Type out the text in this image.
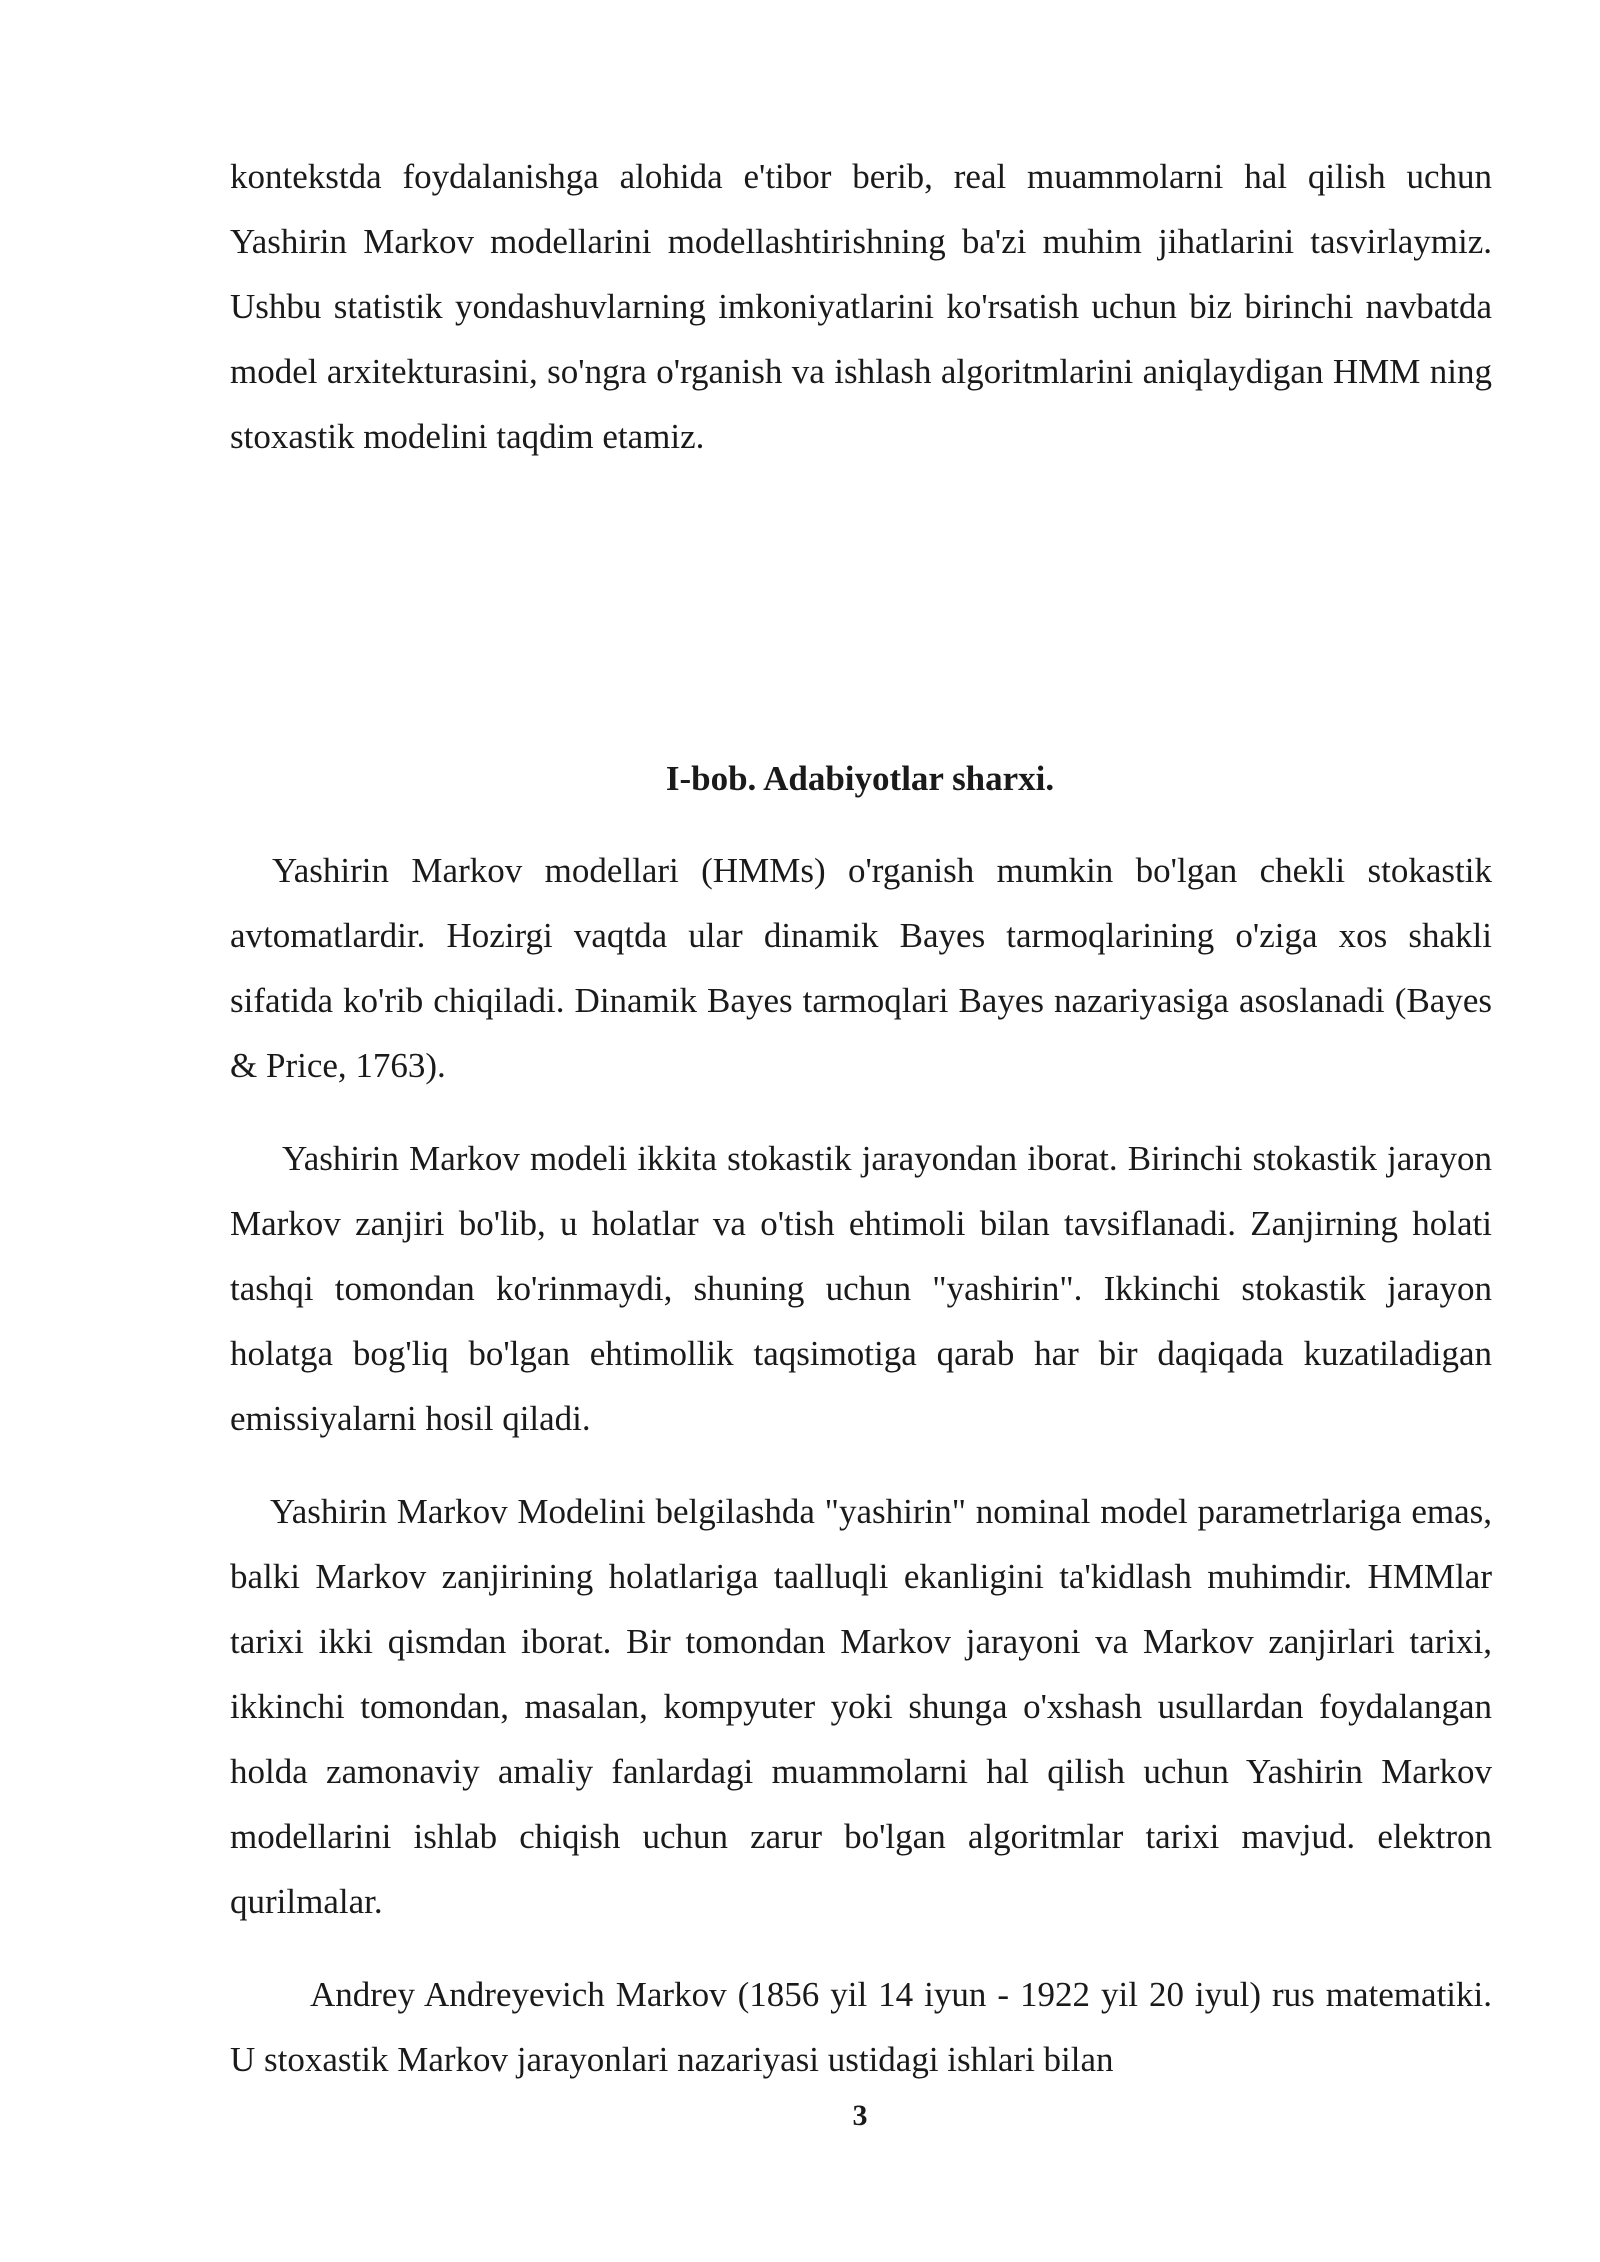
kontekstda foydalanishga alohida e'tibor berib, real muammolarni hal qilish uchun Yashirin Markov modellarini modellashtirishning ba'zi muhim jihatlarini tasvirlaymiz. Ushbu statistik yondashuvlarning imkoniyatlarini ko'rsatish uchun biz birinchi navbatda model arxitekturasini, so'ngra o'rganish va ishlash algoritmlarini aniqlaydigan HMM ning stoxastik modelini taqdim etamiz.

I-bob. Adabiyotlar sharxi.

Yashirin Markov modellari (HMMs) o'rganish mumkin bo'lgan chekli stokastik avtomatlardir. Hozirgi vaqtda ular dinamik Bayes tarmoqlarining o'ziga xos shakli sifatida ko'rib chiqiladi. Dinamik Bayes tarmoqlari Bayes nazariyasiga asoslanadi (Bayes & Price, 1763).

Yashirin Markov modeli ikkita stokastik jarayondan iborat. Birinchi stokastik jarayon Markov zanjiri bo'lib, u holatlar va o'tish ehtimoli bilan tavsiflanadi. Zanjirning holati tashqi tomondan ko'rinmaydi, shuning uchun "yashirin". Ikkinchi stokastik jarayon holatga bog'liq bo'lgan ehtimollik taqsimotiga qarab har bir daqiqada kuzatiladigan emissiyalarni hosil qiladi.

Yashirin Markov Modelini belgilashda "yashirin" nominal model parametrlariga emas, balki Markov zanjirining holatlariga taalluqli ekanligini ta'kidlash muhimdir. HMMlar tarixi ikki qismdan iborat. Bir tomondan Markov jarayoni va Markov zanjirlari tarixi, ikkinchi tomondan, masalan, kompyuter yoki shunga o'xshash usullardan foydalangan holda zamonaviy amaliy fanlardagi muammolarni hal qilish uchun Yashirin Markov modellarini ishlab chiqish uchun zarur bo'lgan algoritmlar tarixi mavjud. elektron qurilmalar.

Andrey Andreyevich Markov (1856 yil 14 iyun - 1922 yil 20 iyul) rus matematiki. U stoxastik Markov jarayonlari nazariyasi ustidagi ishlari bilan

3
